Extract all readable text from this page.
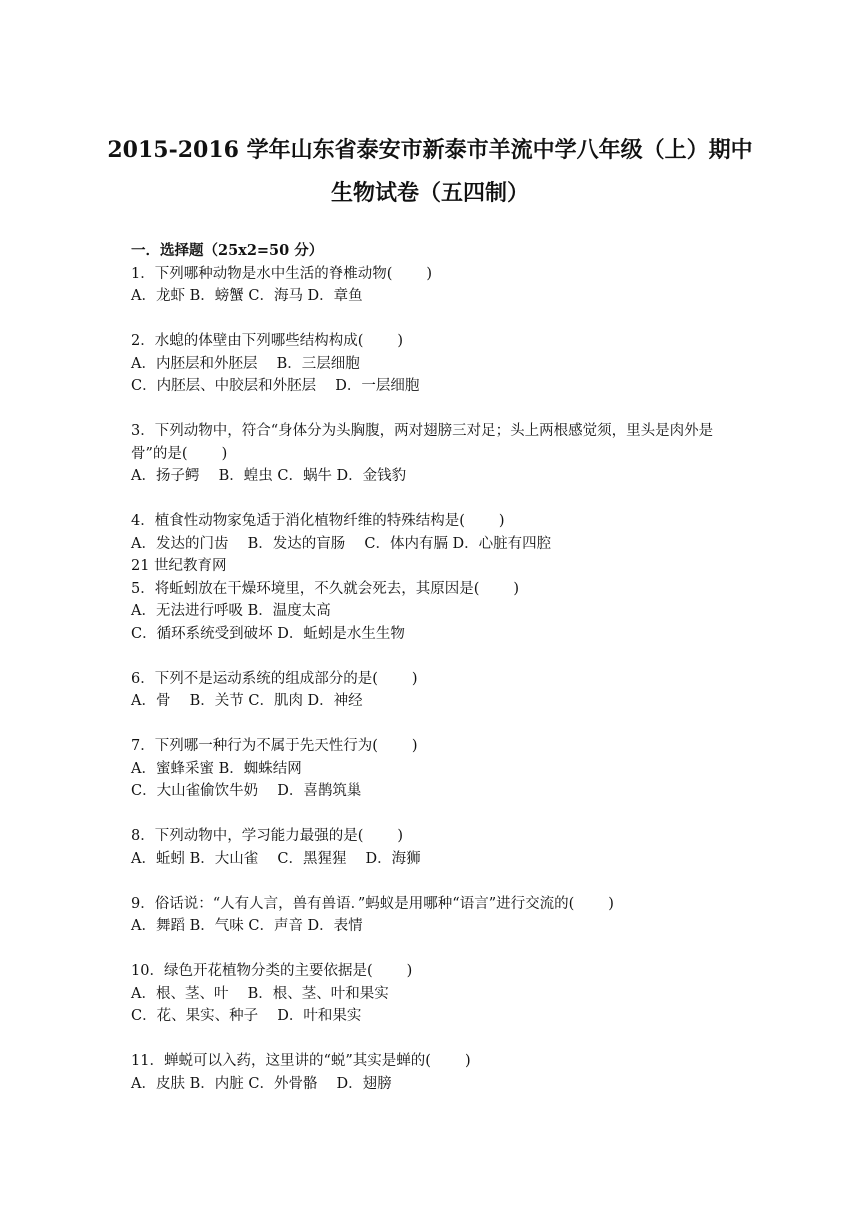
2015-2016 学年山东省泰安市新泰市羊流中学八年级（上）期中
生物试卷（五四制）
一．选择题（25x2=50 分）
1．下列哪种动物是水中生活的脊椎动物( )
A．龙虾 B．螃蟹 C．海马 D．章鱼
2．水螅的体壁由下列哪些结构构成( )
A．内胚层和外胚层　 B．三层细胞
C．内胚层、中胶层和外胚层　 D．一层细胞
3．下列动物中，符合“身体分为头胸腹，两对翅膀三对足；头上两根感觉须，里头是肉外是骨”的是( )
A．扬子鳄　 B．蝗虫 C．蜗牛 D．金钱豹
4．植食性动物家兔适于消化植物纤维的特殊结构是( )
A．发达的门齿　 B．发达的盲肠　 C．体内有膈 D．心脏有四腔
21 世纪教育网
5．将蚯蚓放在干燥环境里，不久就会死去，其原因是( )
A．无法进行呼吸 B．温度太高
C．循环系统受到破坏 D．蚯蚓是水生生物
6．下列不是运动系统的组成部分的是( )
A．骨　 B．关节 C．肌肉 D．神经
7．下列哪一种行为不属于先天性行为( )
A．蜜蜂采蜜 B．蜘蛛结网
C．大山雀偷饮牛奶　 D．喜鹊筑巢
8．下列动物中，学习能力最强的是( )
A．蚯蚓 B．大山雀　 C．黑猩猩　 D．海狮
9．俗话说：“人有人言，兽有兽语．”蚂蚁是用哪种“语言”进行交流的( )
A．舞蹈 B．气味 C．声音 D．表情
10．绿色开花植物分类的主要依据是( )
A．根、茎、叶　 B．根、茎、叶和果实
C．花、果实、种子　 D．叶和果实
11．蝉蜕可以入药，这里讲的“蜕”其实是蝉的( )
A．皮肤 B．内脏 C．外骨骼　 D．翅膀
